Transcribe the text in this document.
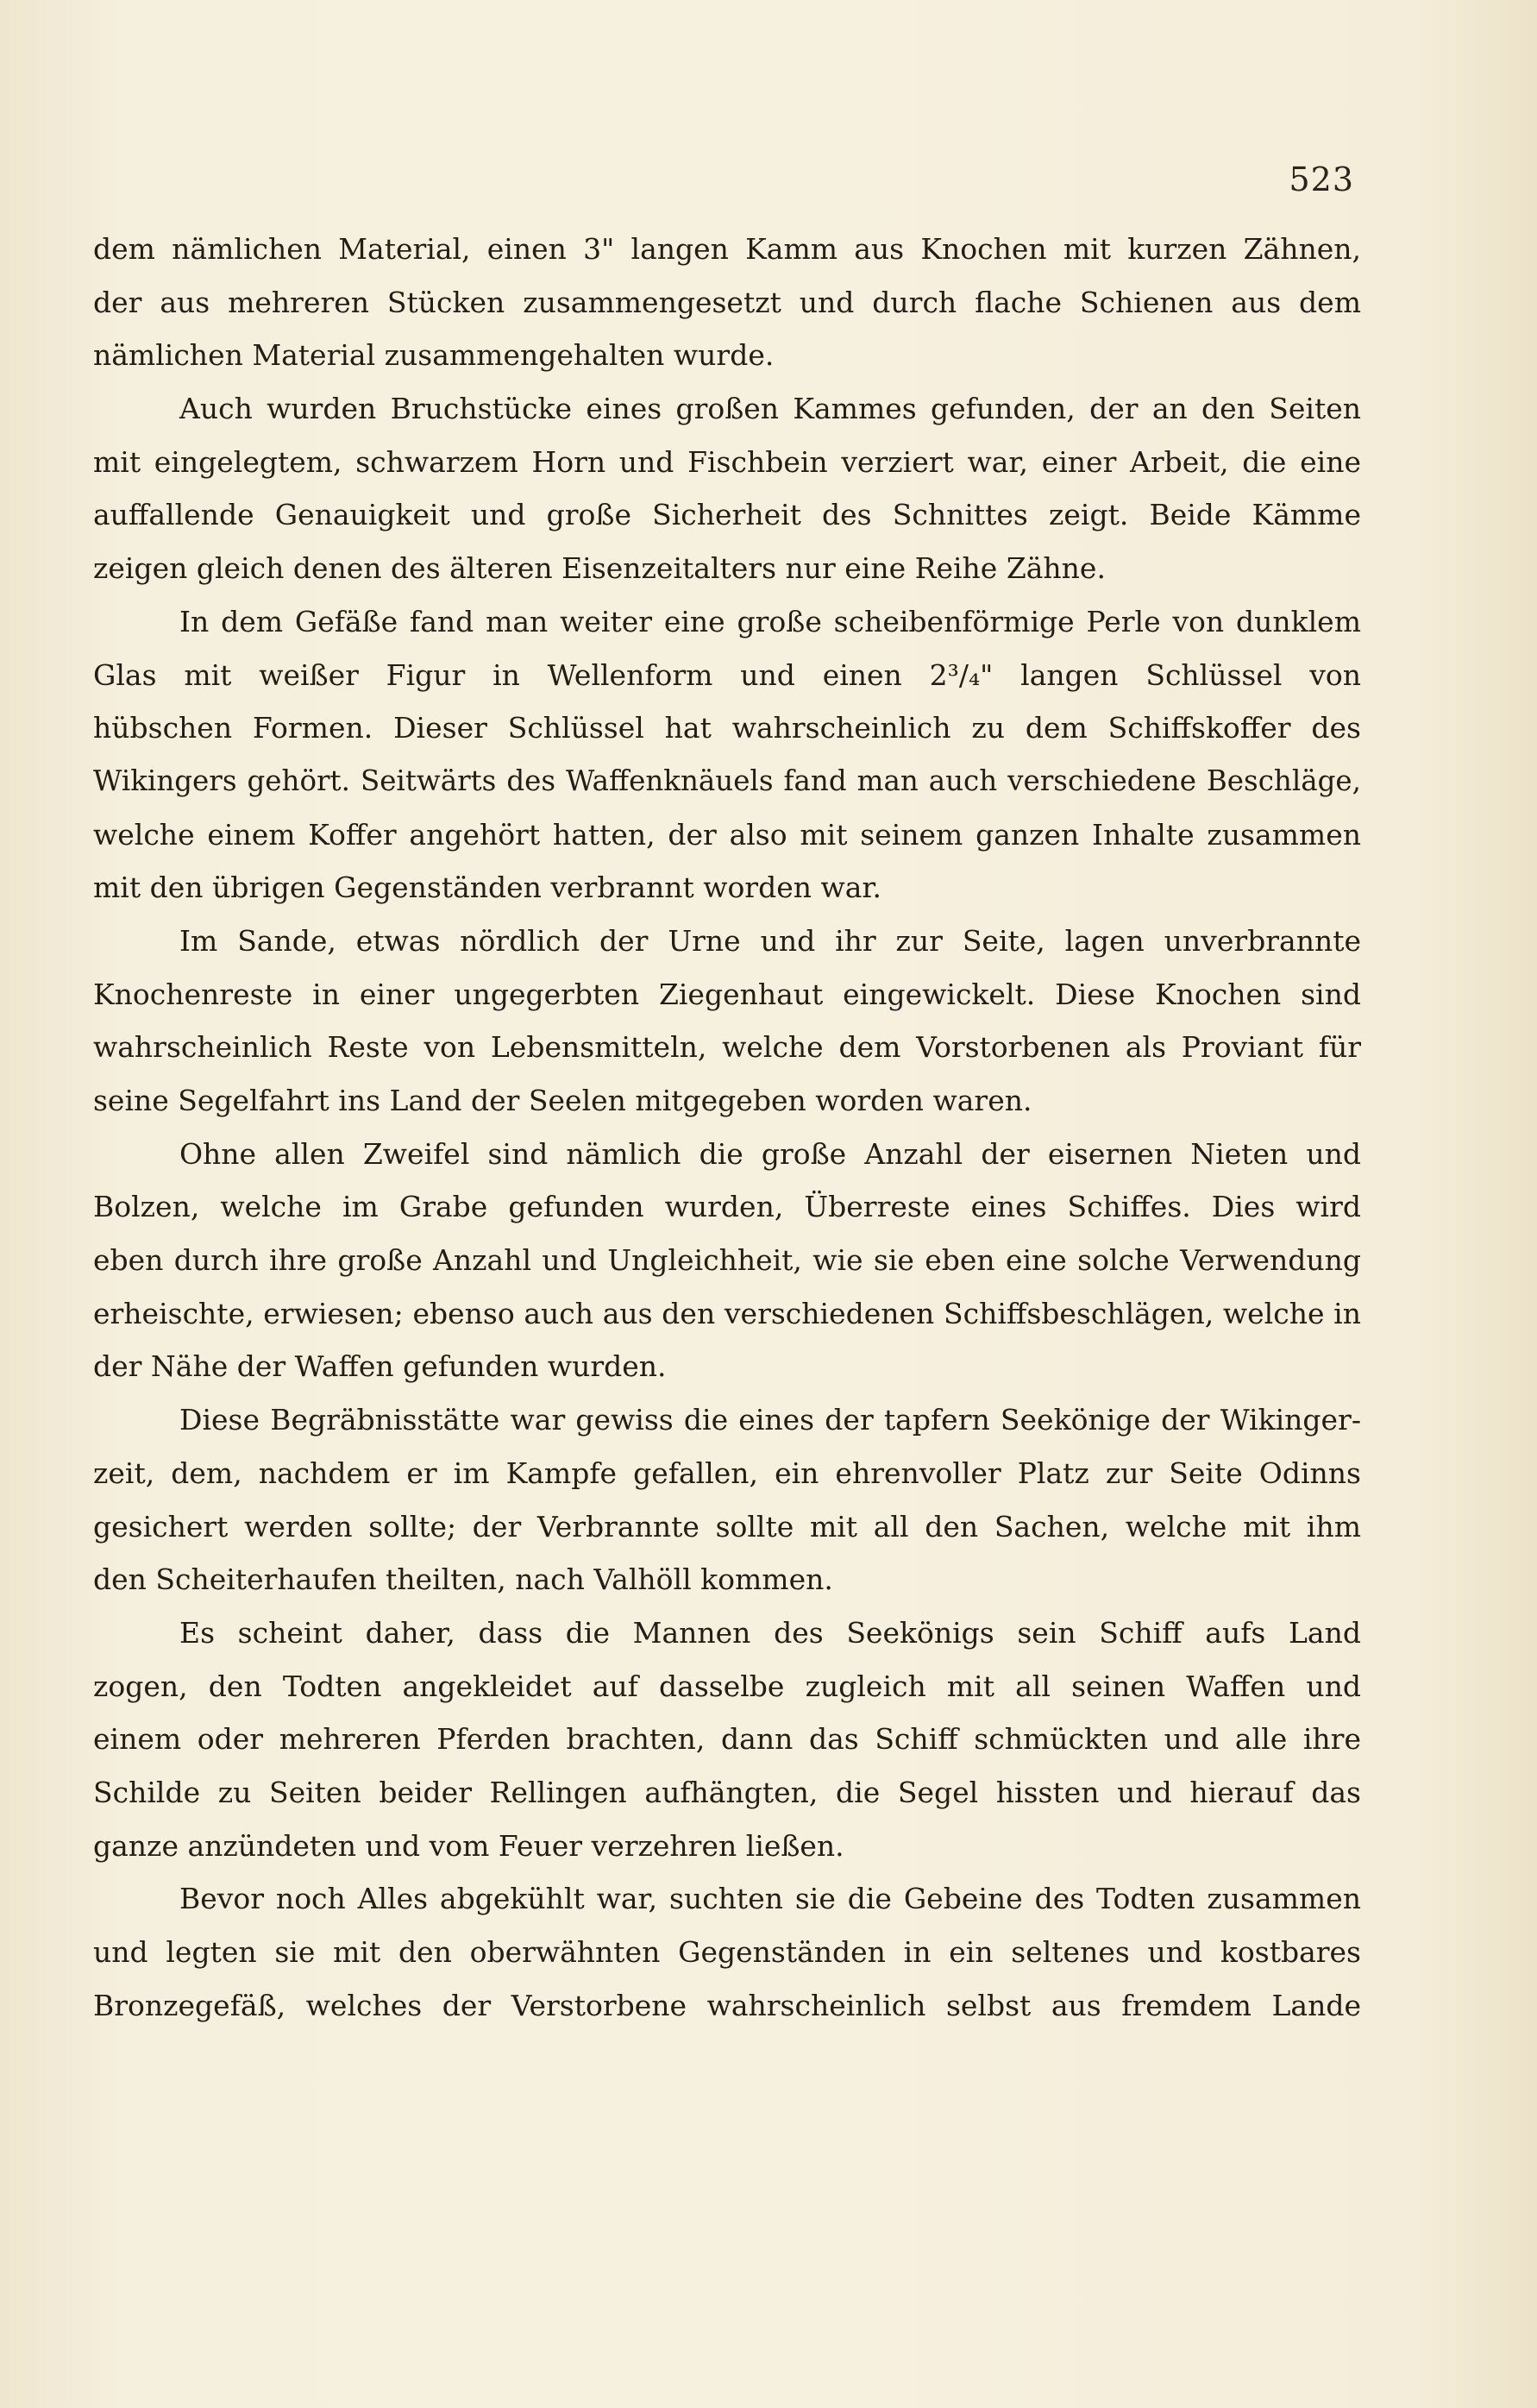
523
dem nämlichen Material, einen 3" langen Kamm aus Knochen mit kurzen Zähnen,
der aus mehreren Stücken zusammengesetzt und durch flache Schienen aus dem
nämlichen Material zusammengehalten wurde.
Auch wurden Bruchstücke eines großen Kammes gefunden, der an den Seiten
mit eingelegtem, schwarzem Horn und Fischbein verziert war, einer Arbeit, die eine
auffallende Genauigkeit und große Sicherheit des Schnittes zeigt. Beide Kämme
zeigen gleich denen des älteren Eisenzeitalters nur eine Reihe Zähne.
In dem Gefäße fand man weiter eine große scheibenförmige Perle von dunklem
Glas mit weißer Figur in Wellenform und einen 2³/₄" langen Schlüssel von
hübschen Formen. Dieser Schlüssel hat wahrscheinlich zu dem Schiffskoffer des
Wikingers gehört. Seitwärts des Waffenknäuels fand man auch verschiedene Beschläge,
welche einem Koffer angehört hatten, der also mit seinem ganzen Inhalte zusammen
mit den übrigen Gegenständen verbrannt worden war.
Im Sande, etwas nördlich der Urne und ihr zur Seite, lagen unverbrannte
Knochenreste in einer ungegerbten Ziegenhaut eingewickelt. Diese Knochen sind
wahrscheinlich Reste von Lebensmitteln, welche dem Vorstorbenen als Proviant für
seine Segelfahrt ins Land der Seelen mitgegeben worden waren.
Ohne allen Zweifel sind nämlich die große Anzahl der eisernen Nieten und
Bolzen, welche im Grabe gefunden wurden, Überreste eines Schiffes. Dies wird
eben durch ihre große Anzahl und Ungleichheit, wie sie eben eine solche Verwendung
erheischte, erwiesen; ebenso auch aus den verschiedenen Schiffsbeschlägen, welche in
der Nähe der Waffen gefunden wurden.
Diese Begräbnisstätte war gewiss die eines der tapfern Seekönige der Wikinger-
zeit, dem, nachdem er im Kampfe gefallen, ein ehrenvoller Platz zur Seite Odinns
gesichert werden sollte; der Verbrannte sollte mit all den Sachen, welche mit ihm
den Scheiterhaufen theilten, nach Valhöll kommen.
Es scheint daher, dass die Mannen des Seekönigs sein Schiff aufs Land
zogen, den Todten angekleidet auf dasselbe zugleich mit all seinen Waffen und
einem oder mehreren Pferden brachten, dann das Schiff schmückten und alle ihre
Schilde zu Seiten beider Rellingen aufhängten, die Segel hissten und hierauf das
ganze anzündeten und vom Feuer verzehren ließen.
Bevor noch Alles abgekühlt war, suchten sie die Gebeine des Todten zusammen
und legten sie mit den oberwähnten Gegenständen in ein seltenes und kostbares
Bronzegefäß, welches der Verstorbene wahrscheinlich selbst aus fremdem Lande
